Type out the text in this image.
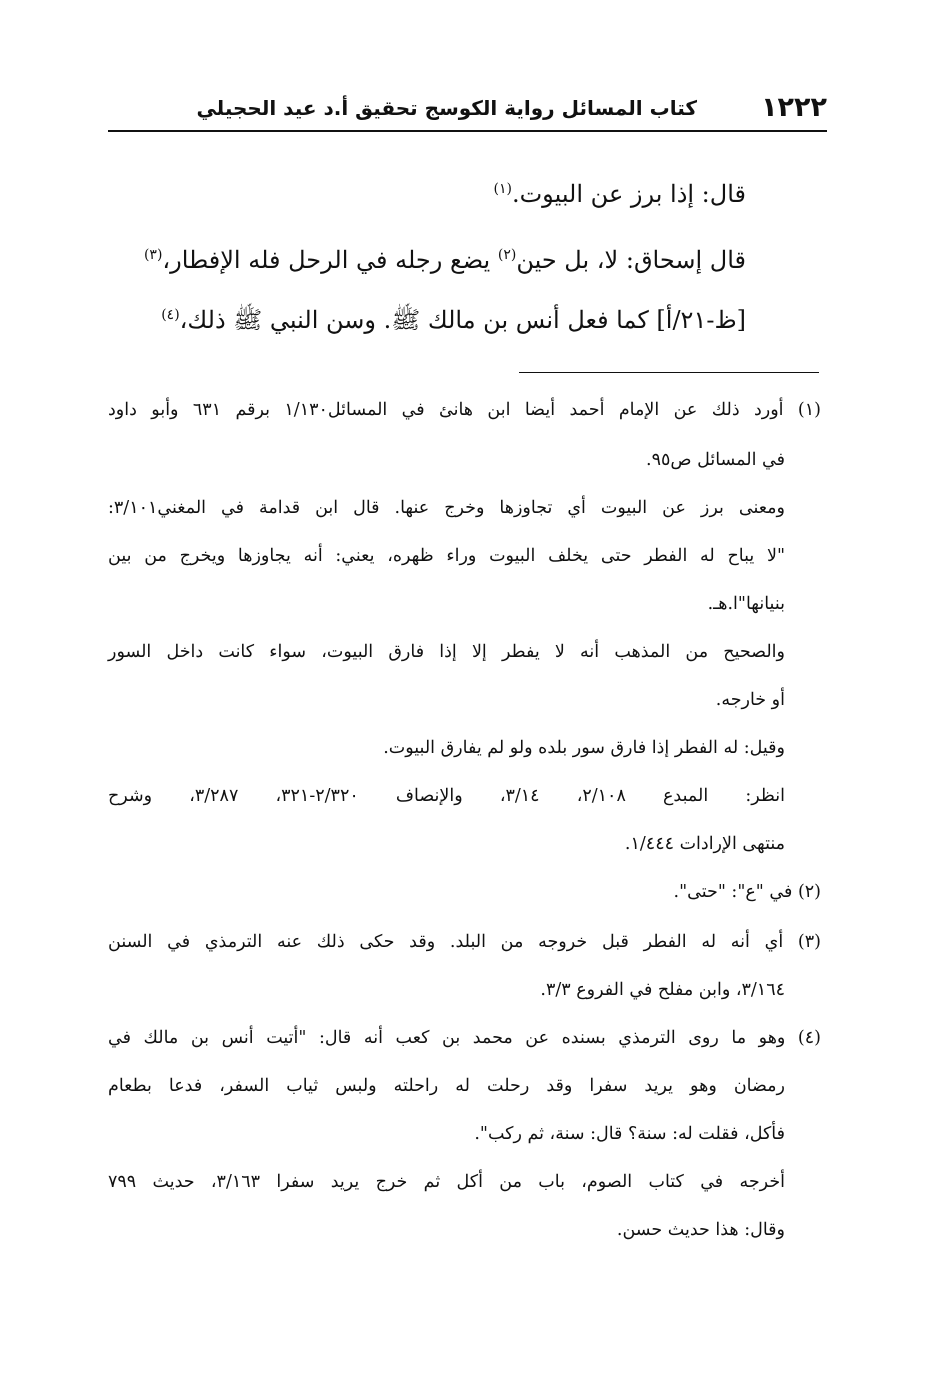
١٢٢٢
كتاب المسائل رواية الكوسج تحقيق أ.د عيد الحجيلي
قال: إذا برز عن البيوت.$^{(١)}$
قال إسحاق: لا، بل حين$^{(٢)}$ يضع رجله في الرحل فله الإفطار،$^{(٣)}$
[ظ-٢١/أ] كما فعل أنس بن مالك ﷺ. وسن النبي ﷺ ذلك،$^{(٤)}$
(١) أورد ذلك عن الإمام أحمد أيضا ابن هانئ في المسائل١/١٣٠ برقم ٦٣١ وأبو داود
في المسائل ص٩٥.
ومعنى برز عن البيوت أي تجاوزها وخرج عنها. قال ابن قدامة في المغني٣/١٠١:
"لا يباح له الفطر حتى يخلف البيوت وراء ظهره، يعني: أنه يجاوزها ويخرج من بين
بنيانها"ا.هـ.
والصحيح من المذهب أنه لا يفطر إلا إذا فارق البيوت، سواء كانت داخل السور
أو خارجه.
وقيل: له الفطر إذا فارق سور بلده ولو لم يفارق البيوت.
انظر: المبدع ٢/١٠٨، ٣/١٤، والإنصاف ٢/٣٢٠-٣٢١، ٣/٢٨٧، وشرح
منتهى الإرادات ١/٤٤٤.
(٢) في "ع": "حتى".
(٣) أي أنه له الفطر قبل خروجه من البلد. وقد حكى ذلك عنه الترمذي في السنن
٣/١٦٤، وابن مفلح في الفروع ٣/٣.
(٤) وهو ما روى الترمذي بسنده عن محمد بن كعب أنه قال: "أتيت أنس بن مالك في
رمضان وهو يريد سفرا وقد رحلت له راحلته ولبس ثياب السفر، فدعا بطعام
فأكل، فقلت له: سنة؟ قال: سنة، ثم ركب".
أخرجه في كتاب الصوم، باب من أكل ثم خرج يريد سفرا ٣/١٦٣، حديث ٧٩٩
وقال: هذا حديث حسن.
